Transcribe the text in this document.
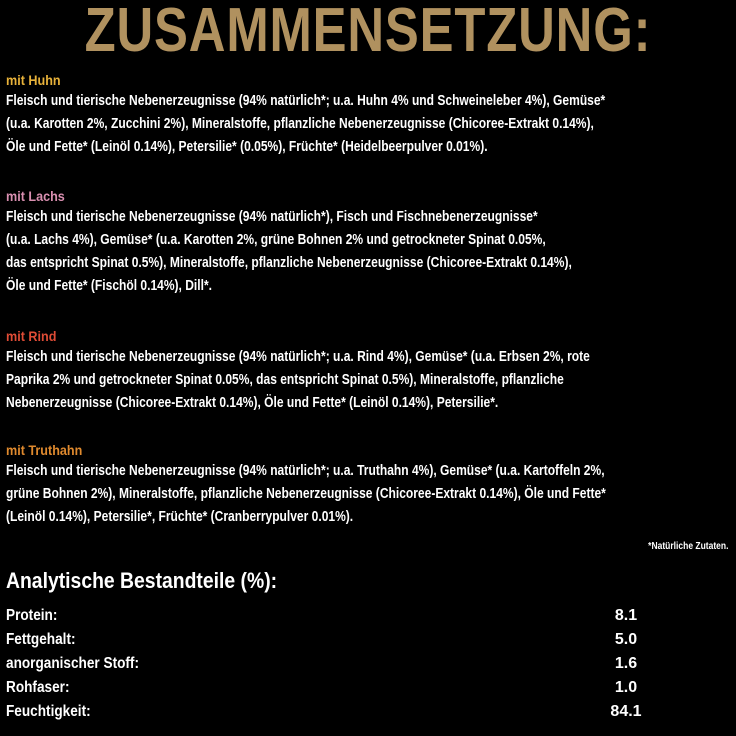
ZUSAMMENSETZUNG:
mit Huhn

Fleisch und tierische Nebenerzeugnisse (94% natürlich*; u.a. Huhn 4% und Schweineleber 4%), Gemüse*

(u.a. Karotten 2%, Zucchini 2%), Mineralstoffe, pflanzliche Nebenerzeugnisse (Chicoree-Extrakt 0.14%),

Öle und Fette* (Leinöl 0.14%), Petersilie* (0.05%), Früchte* (Heidelbeerpulver 0.01%).

mit Lachs

Fleisch und tierische Nebenerzeugnisse (94% natürlich*), Fisch und Fischnebenerzeugnisse*

(u.a. Lachs 4%), Gemüse* (u.a. Karotten 2%, grüne Bohnen 2% und getrockneter Spinat 0.05%,

das entspricht Spinat 0.5%), Mineralstoffe, pflanzliche Nebenerzeugnisse (Chicoree-Extrakt 0.14%),

Öle und Fette* (Fischöl 0.14%), Dill*.

mit Rind

Fleisch und tierische Nebenerzeugnisse (94% natürlich*; u.a. Rind 4%), Gemüse* (u.a. Erbsen 2%, rote

Paprika 2% und getrockneter Spinat 0.05%, das entspricht Spinat 0.5%), Mineralstoffe, pflanzliche

Nebenerzeugnisse (Chicoree-Extrakt 0.14%), Öle und Fette* (Leinöl 0.14%), Petersilie*.

mit Truthahn

Fleisch und tierische Nebenerzeugnisse (94% natürlich*; u.a. Truthahn 4%), Gemüse* (u.a. Kartoffeln 2%,

grüne Bohnen 2%), Mineralstoffe, pflanzliche Nebenerzeugnisse (Chicoree-Extrakt 0.14%), Öle und Fette*

(Leinöl 0.14%), Petersilie*, Früchte* (Cranberrypulver 0.01%).

*Natürliche Zutaten.
Analytische Bestandteile (%):
Protein:	8.1
Fettgehalt:	5.0
anorganischer Stoff:	1.6
Rohfaser:	1.0
Feuchtigkeit:	84.1
